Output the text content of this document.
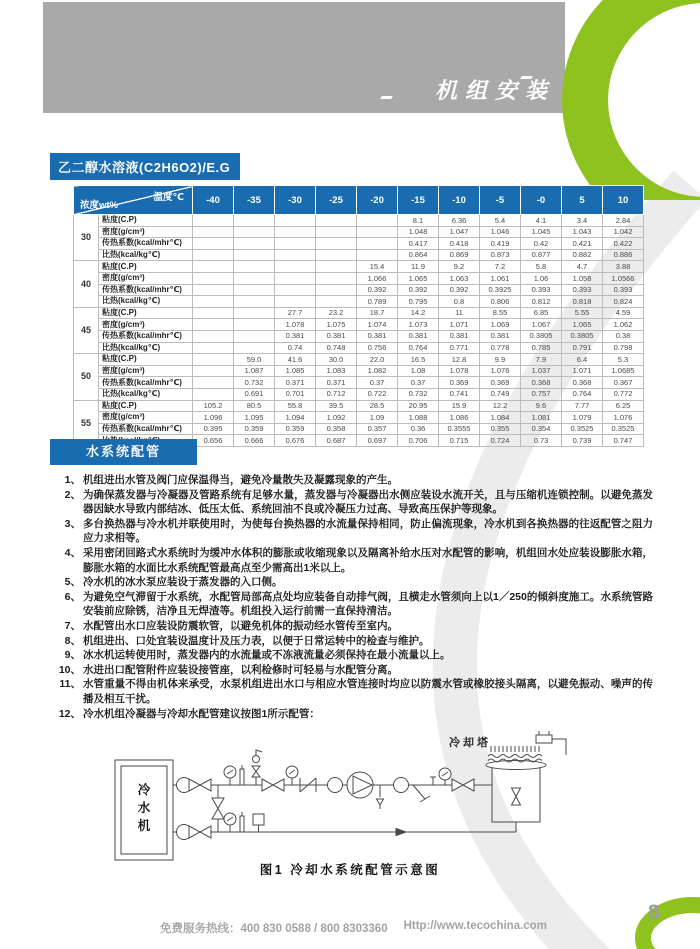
机组安装
乙二醇水溶液(C2H6O2)/E.G
温度℃
浓度wt%		-40	-35	-30	-25	-20	-15	-10	-5	-0	5	10
30	粘度(C.P)						8.1	6.36	5.4	4.1	3.4	2.84
	密度(g/cm³)						1.048	1.047	1.046	1.045	1.043	1.042
	传热系数(kcal/mhr℃)						0.417	0.418	0.419	0.42	0.421	0.422
	比热(kcal/kg℃)						0.864	0.869	0.873	0.877	0.882	0.886
40	粘度(C.P)					15.4	11.9	9.2	7.2	5.8	4.7	3.88
	密度(g/cm³)					1.066	1.065	1.063	1.061	1.06	1.058	1.0566
	传热系数(kcal/mhr℃)					0.392	0.392	0.392	0.3925	0.393	0.393	0.393
	比热(kcal/kg℃)					0.789	0.795	0.8	0.806	0.812	0.818	0.824
45	粘度(C.P)			27.7	23.2	18.7	14.2	11	8.55	6.85	5.55	4.59
	密度(g/cm³)			1.078	1.075	1.074	1.073	1.071	1.069	1.067	1.065	1.062
	传热系数(kcal/mhr℃)			0.381	0.381	0.381	0.381	0.381	0.381	0.3805	0.3805	0.38
	比热(kcal/kg℃)			0.74	0.748	0.756	0.764	0.771	0.778	0.785	0.791	0.798
50	粘度(C.P)		59.0	41.6	30.0	22.0	16.5	12.8	9.9	7.9	6.4	5.3
	密度(g/cm³)		1.087	1.085	1.083	1.082	1.08	1.078	1.076	1.037	1.071	1.0685
	传热系数(kcal/mhr℃)		0.732	0.371	0.371	0.37	0.37	0.369	0.369	0.368	0.368	0.367
	比热(kcal/kg℃)		0.691	0.701	0.712	0.722	0.732	0.741	0.749	0.757	0.764	0.772
55	粘度(C.P)	105.2	80.5	55.8	39.5	28.5	20.95	15.9	12.2	9.6	7.77	6.25
	密度(g/cm³)	1.096	1.095	1.094	1.092	1.09	1.088	1.086	1.084	1.081	1.079	1.076
	传热系数(kcal/mhr℃)	0.395	0.359	0.359	0.358	0.357	0.36	0.3555	0.355	0.354	0.3525	0.3525
	0.656	0.666	0.676	0.687	0.697	0.706	0.715	0.724	0.73	0.739	0.747
水系统配管
1、 机组进出水管及阀门应保温得当，避免冷量散失及凝露现象的产生。
2、 为确保蒸发器与冷凝器及管路系统有足够水量，蒸发器与冷凝器出水侧应装设水流开关，且与压缩机连锁控制。以避免蒸发器因缺水导致内部结冰、低压太低、系统回油不良或冷凝压力过高、导致高压保护等现象。
3、 多台换热器与冷水机并联使用时，为使每台换热器的水流量保持相同，防止偏流现象，冷水机到各换热器的往返配管之阻力应力求相等。
4、 采用密闭回路式水系统时为缓冲水体积的膨胀或收缩现象以及隔离补给水压对水配管的影响，机组回水处应装设膨胀水箱，膨胀水箱的水面比水系统配管最高点至少需高出1米以上。
5、 冷水机的冰水泵应装设于蒸发器的入口侧。
6、 为避免空气滞留于水系统，水配管局部高点处均应装备自动排气阀，且横走水管须向上以1／250的倾斜度施工。水系统管路安装前应除锈，洁净且无焊渣等。机组投入运行前需一直保持清洁。
7、 水配管出水口应装设防震软管，以避免机体的振动经水管传至室内。
8、 机组进出、口处宜装设温度计及压力表，以便于日常运转中的检查与维护。
9、 冰水机运转使用时，蒸发器内的水流量或不冻液流量必须保持在最小流量以上。
10、 水进出口配管附件应装设接管座，以利检修时可轻易与水配管分离。
11、 水管重量不得由机体来承受，水泵机组进出水口与相应水管连接时均应以防震水管或橡胶接头隔离，以避免振动、噪声的传播及相互干扰。
12、 冷水机组冷凝器与冷却水配管建议按图1所示配管：
冷却塔
图1 冷却水系统配管示意图
冷水机
免费服务热线：400 830 0588 / 800 8303360 Http://www.tecochina.com
8
